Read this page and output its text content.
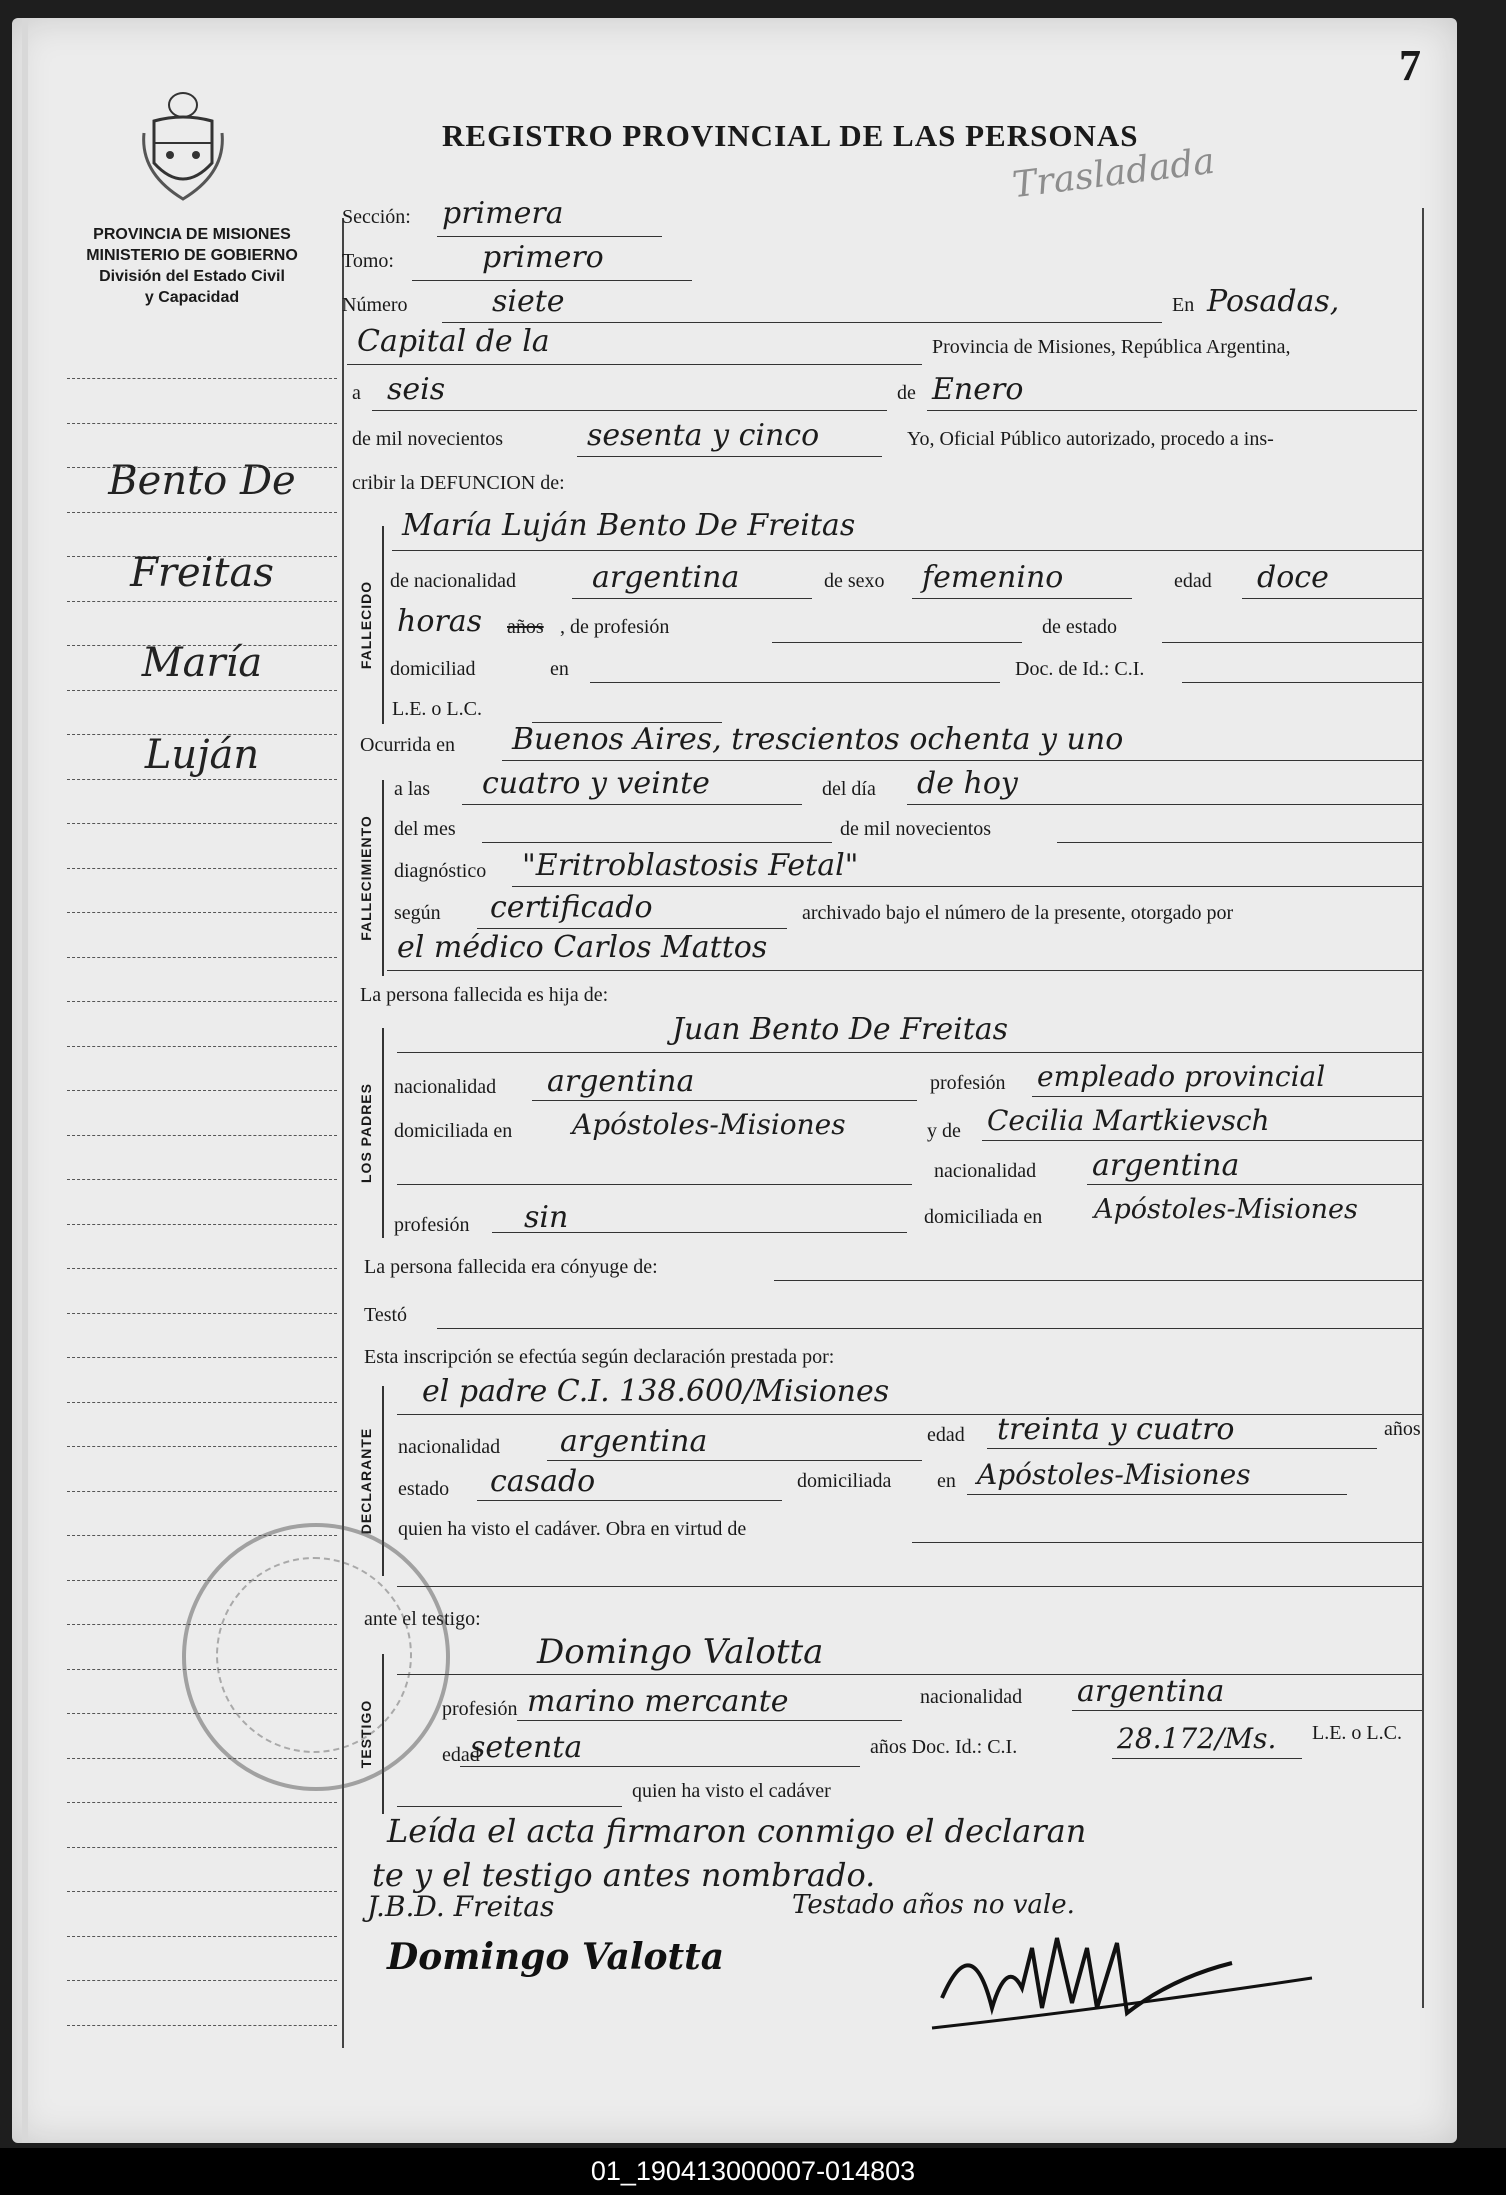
7
REGISTRO PROVINCIAL DE LAS PERSONAS
Trasladada
PROVINCIA DE MISIONES
MINISTERIO DE GOBIERNO
División del Estado Civil
y Capacidad
Bento De
Freitas
María
Luján
Sección: primera
Tomo:	primero
Número	siete	En Posadas,
Capital de la	Provincia de Misiones, República Argentina,
a seis	de Enero
de mil novecientos	sesenta y cinco	Yo, Oficial Público autorizado, procedo a ins-
cribir la DEFUNCION de:
FALLECIDO
María Luján Bento De Freitas
de nacionalidad	argentina	de sexo femenino	edad doce
horas años , de profesión	de estado
domiciliad	en	Doc. de Id.: C.I.
L.E. o L.C.
Ocurrida en Buenos Aires, trescientos ochenta y uno
FALLECIMIENTO
a las cuatro y veinte	del día de hoy
del mes	de mil novecientos
diagnóstico "Eritroblastosis Fetal"
según certificado	archivado bajo el número de la presente, otorgado por
el médico Carlos Mattos
La persona fallecida es hija de:
LOS PADRES
Juan Bento De Freitas
nacionalidad argentina	profesión empleado provincial
domiciliada en Apóstoles-Misiones	y de Cecilia Martkievsch
nacionalidad argentina
profesión sin	domiciliada en Apóstoles-Misiones
La persona fallecida era cónyuge de:
Testó
Esta inscripción se efectúa según declaración prestada por:
DECLARANTE
el padre C.I. 138.600/Misiones
nacionalidad argentina	edad treinta y cuatro	años
estado casado	domiciliada en Apóstoles-Misiones
quien ha visto el cadáver. Obra en virtud de
ante el testigo:
TESTIGO
Domingo Valotta
profesión marino mercante	nacionalidad argentina
edad
setenta	años Doc. Id.: C.I.	28.172/Ms. L.E. o L.C.
quien ha visto el cadáver
Leída el acta firmaron conmigo el declaran
te y el testigo antes nombrado.
J.B.D. Freitas	Testado años no vale.
Domingo Valotta
01_190413000007-014803
